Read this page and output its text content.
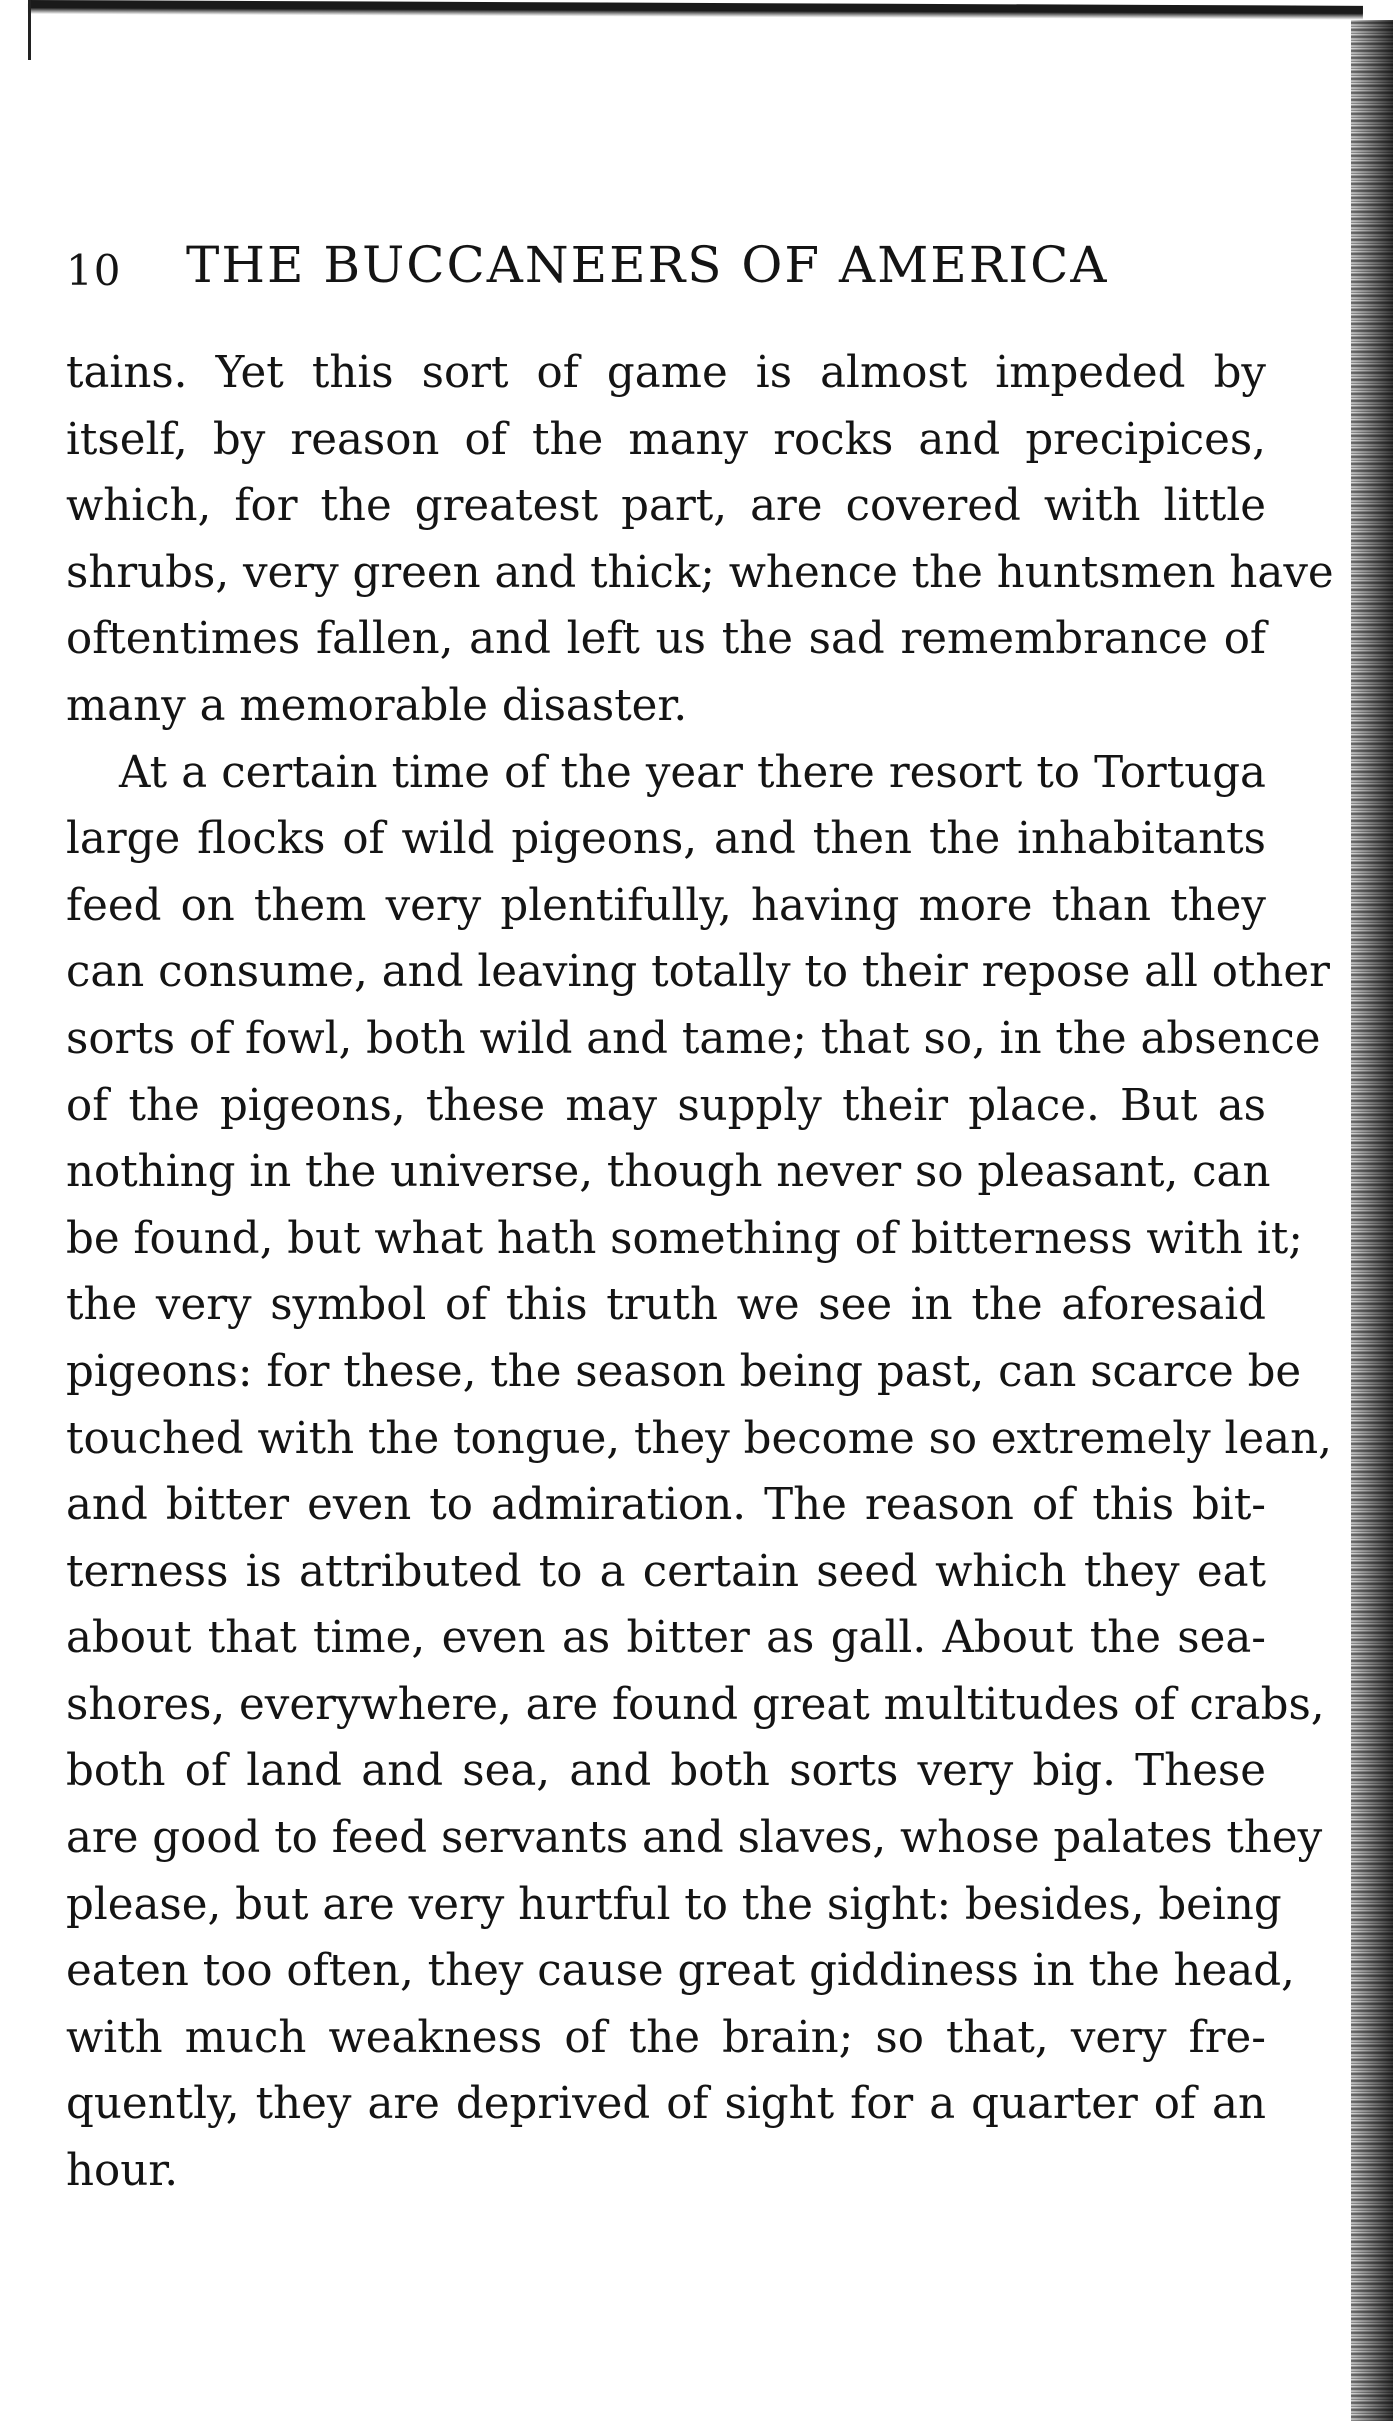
10 THE BUCCANEERS OF AMERICA
tains. Yet this sort of game is almost impeded by
itself, by reason of the many rocks and precipices,
which, for the greatest part, are covered with little
shrubs, very green and thick; whence the huntsmen have
oftentimes fallen, and left us the sad remembrance of
many a memorable disaster.
At a certain time of the year there resort to Tortuga
large flocks of wild pigeons, and then the inhabitants
feed on them very plentifully, having more than they
can consume, and leaving totally to their repose all other
sorts of fowl, both wild and tame; that so, in the absence
of the pigeons, these may supply their place. But as
nothing in the universe, though never so pleasant, can
be found, but what hath something of bitterness with it;
the very symbol of this truth we see in the aforesaid
pigeons: for these, the season being past, can scarce be
touched with the tongue, they become so extremely lean,
and bitter even to admiration. The reason of this bit-
terness is attributed to a certain seed which they eat
about that time, even as bitter as gall. About the sea-
shores, everywhere, are found great multitudes of crabs,
both of land and sea, and both sorts very big. These
are good to feed servants and slaves, whose palates they
please, but are very hurtful to the sight: besides, being
eaten too often, they cause great giddiness in the head,
with much weakness of the brain; so that, very fre-
quently, they are deprived of sight for a quarter of an
hour.
